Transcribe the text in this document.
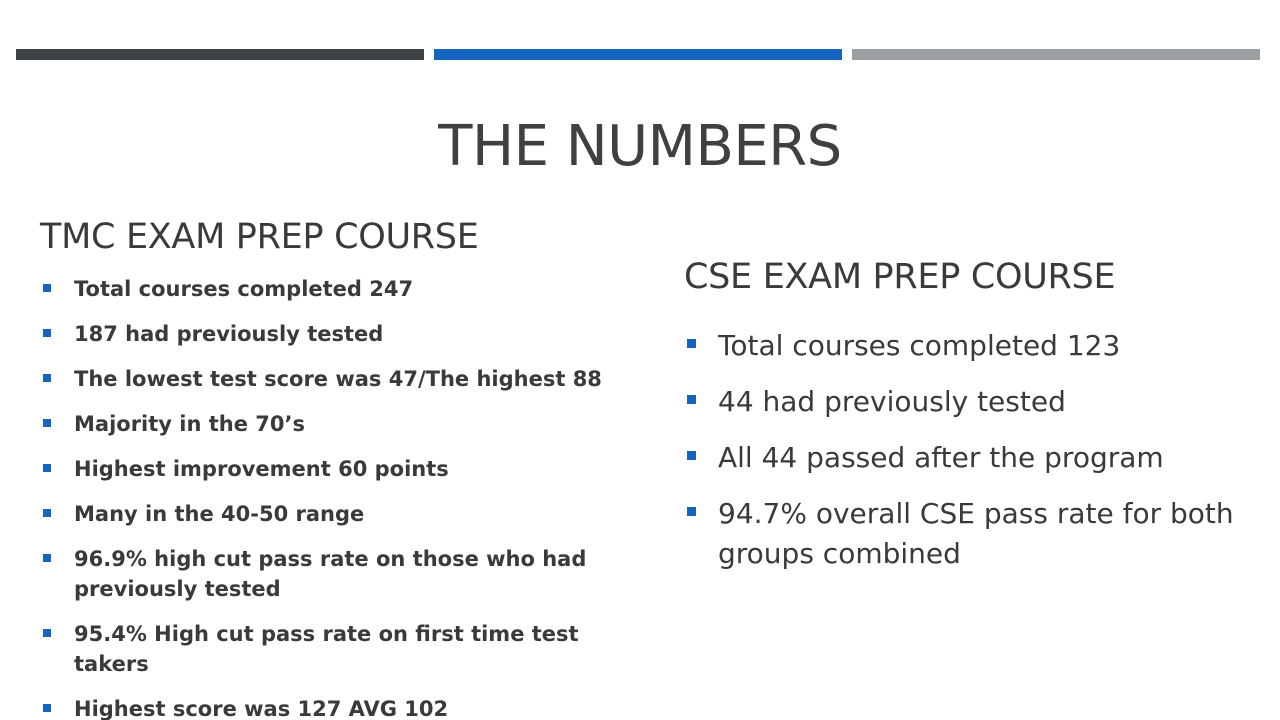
THE NUMBERS
TMC EXAM PREP COURSE
Total courses completed 247
187 had previously tested
The lowest test score was 47/The highest 88
Majority in the 70’s
Highest improvement 60 points
Many in the 40-50 range
96.9% high cut pass rate on those who had previously tested
95.4% High cut pass rate on first time test takers
Highest score was 127 AVG 102
CSE EXAM PREP COURSE
Total courses completed 123
44 had previously tested
All 44 passed after the program
94.7% overall CSE pass rate for both groups combined
